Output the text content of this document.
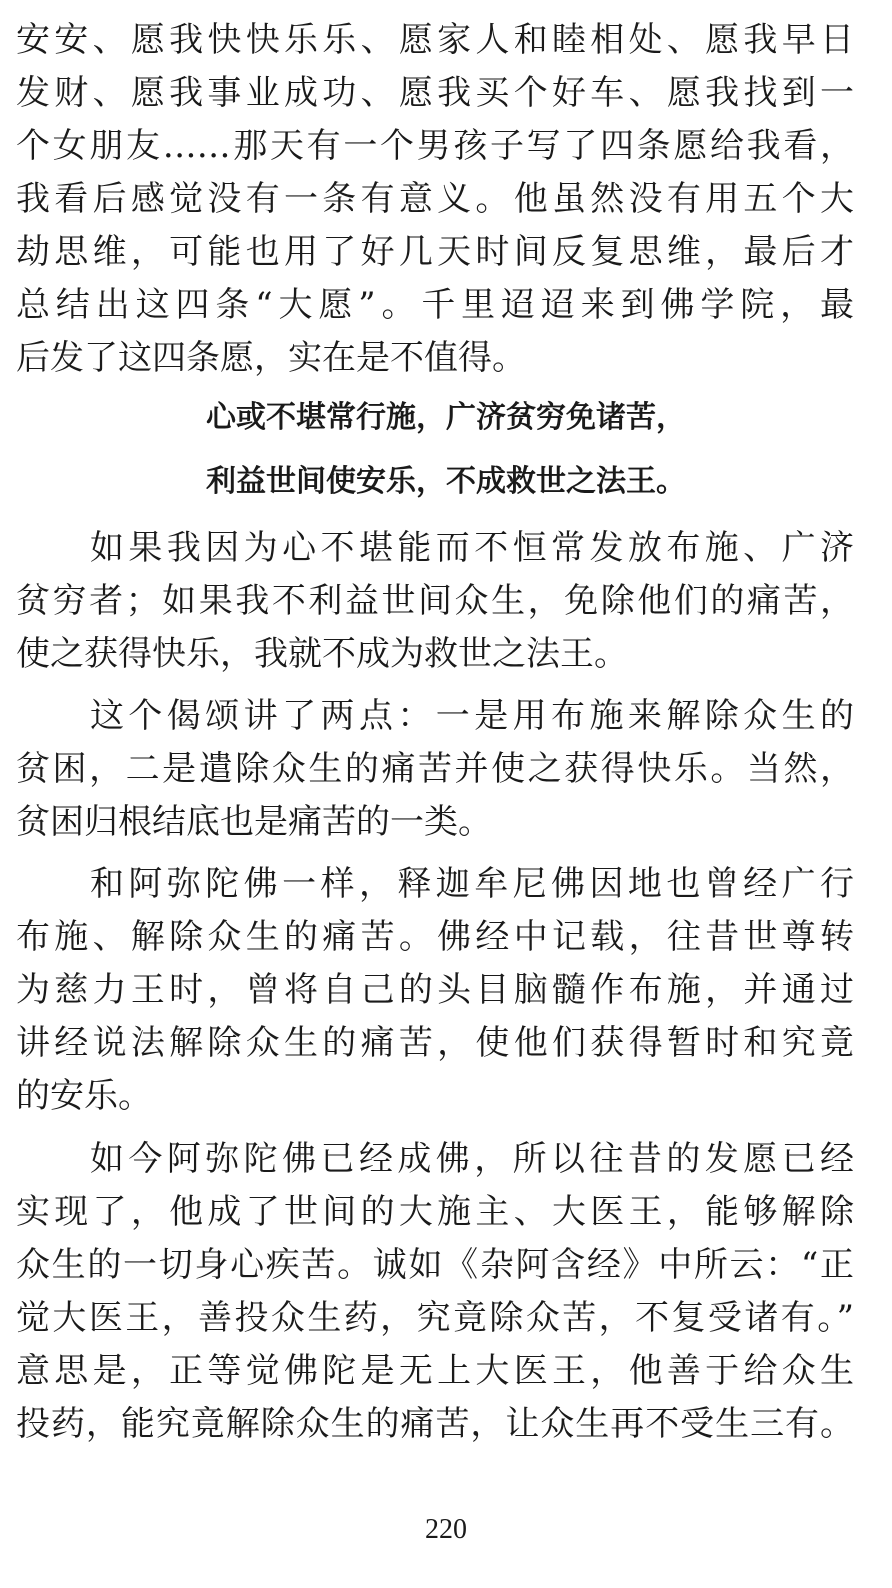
安安、愿我快快乐乐、愿家人和睦相处、愿我早日
发财、愿我事业成功、愿我买个好车、愿我找到一
个女朋友……那天有一个男孩子写了四条愿给我看，
我看后感觉没有一条有意义。他虽然没有用五个大
劫思维，可能也用了好几天时间反复思维，最后才
总结出这四条“大愿”。千里迢迢来到佛学院，最
后发了这四条愿，实在是不值得。
心或不堪常行施，广济贫穷免诸苦，
利益世间使安乐，不成救世之法王。
如果我因为心不堪能而不恒常发放布施、广济
贫穷者；如果我不利益世间众生，免除他们的痛苦，
使之获得快乐，我就不成为救世之法王。
这个偈颂讲了两点：一是用布施来解除众生的
贫困，二是遣除众生的痛苦并使之获得快乐。当然，
贫困归根结底也是痛苦的一类。
和阿弥陀佛一样，释迦牟尼佛因地也曾经广行
布施、解除众生的痛苦。佛经中记载，往昔世尊转
为慈力王时，曾将自己的头目脑髓作布施，并通过
讲经说法解除众生的痛苦，使他们获得暂时和究竟
的安乐。
如今阿弥陀佛已经成佛，所以往昔的发愿已经
实现了，他成了世间的大施主、大医王，能够解除
众生的一切身心疾苦。诚如《杂阿含经》中所云：“正
觉大医王，善投众生药，究竟除众苦，不复受诸有。”
意思是，正等觉佛陀是无上大医王，他善于给众生
投药，能究竟解除众生的痛苦，让众生再不受生三有。
220
